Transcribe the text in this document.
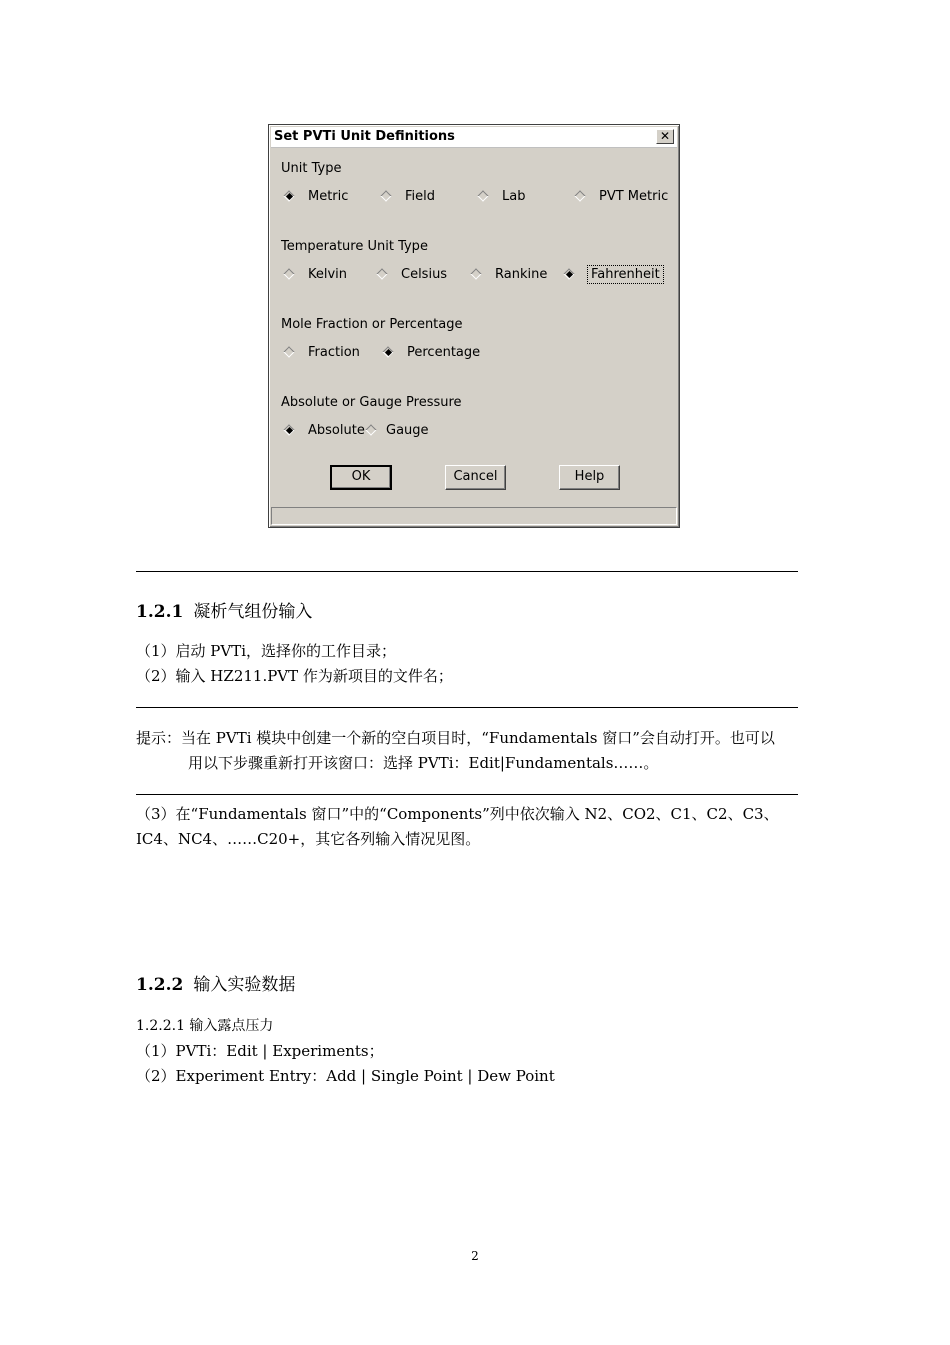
Set PVTi Unit Definitions	✕
Unit Type
Metric	Field	Lab	PVT Metric
Temperature Unit Type
Kelvin	Celsius	Rankine	Fahrenheit
Mole Fraction or Percentage
Fraction	Percentage
Absolute or Gauge Pressure
Absolute Gauge
OK	Cancel	Help
1.2.1 凝析气组份输入
（1）启动 PVTi，选择你的工作目录；
（2）输入 HZ211.PVT 作为新项目的文件名；
提示：当在 PVTi 模块中创建一个新的空白项目时，“Fundamentals 窗口”会自动打开。也可以
用以下步骤重新打开该窗口：选择 PVTi：Edit|Fundamentals……。
（3）在“Fundamentals 窗口”中的“Components”列中依次输入 N2、CO2、C1、C2、C3、
IC4、NC4、……C20+，其它各列输入情况见图。
1.2.2 输入实验数据
1.2.2.1 输入露点压力
（1）PVTi：Edit | Experiments；
（2）Experiment Entry：Add | Single Point | Dew Point
2
